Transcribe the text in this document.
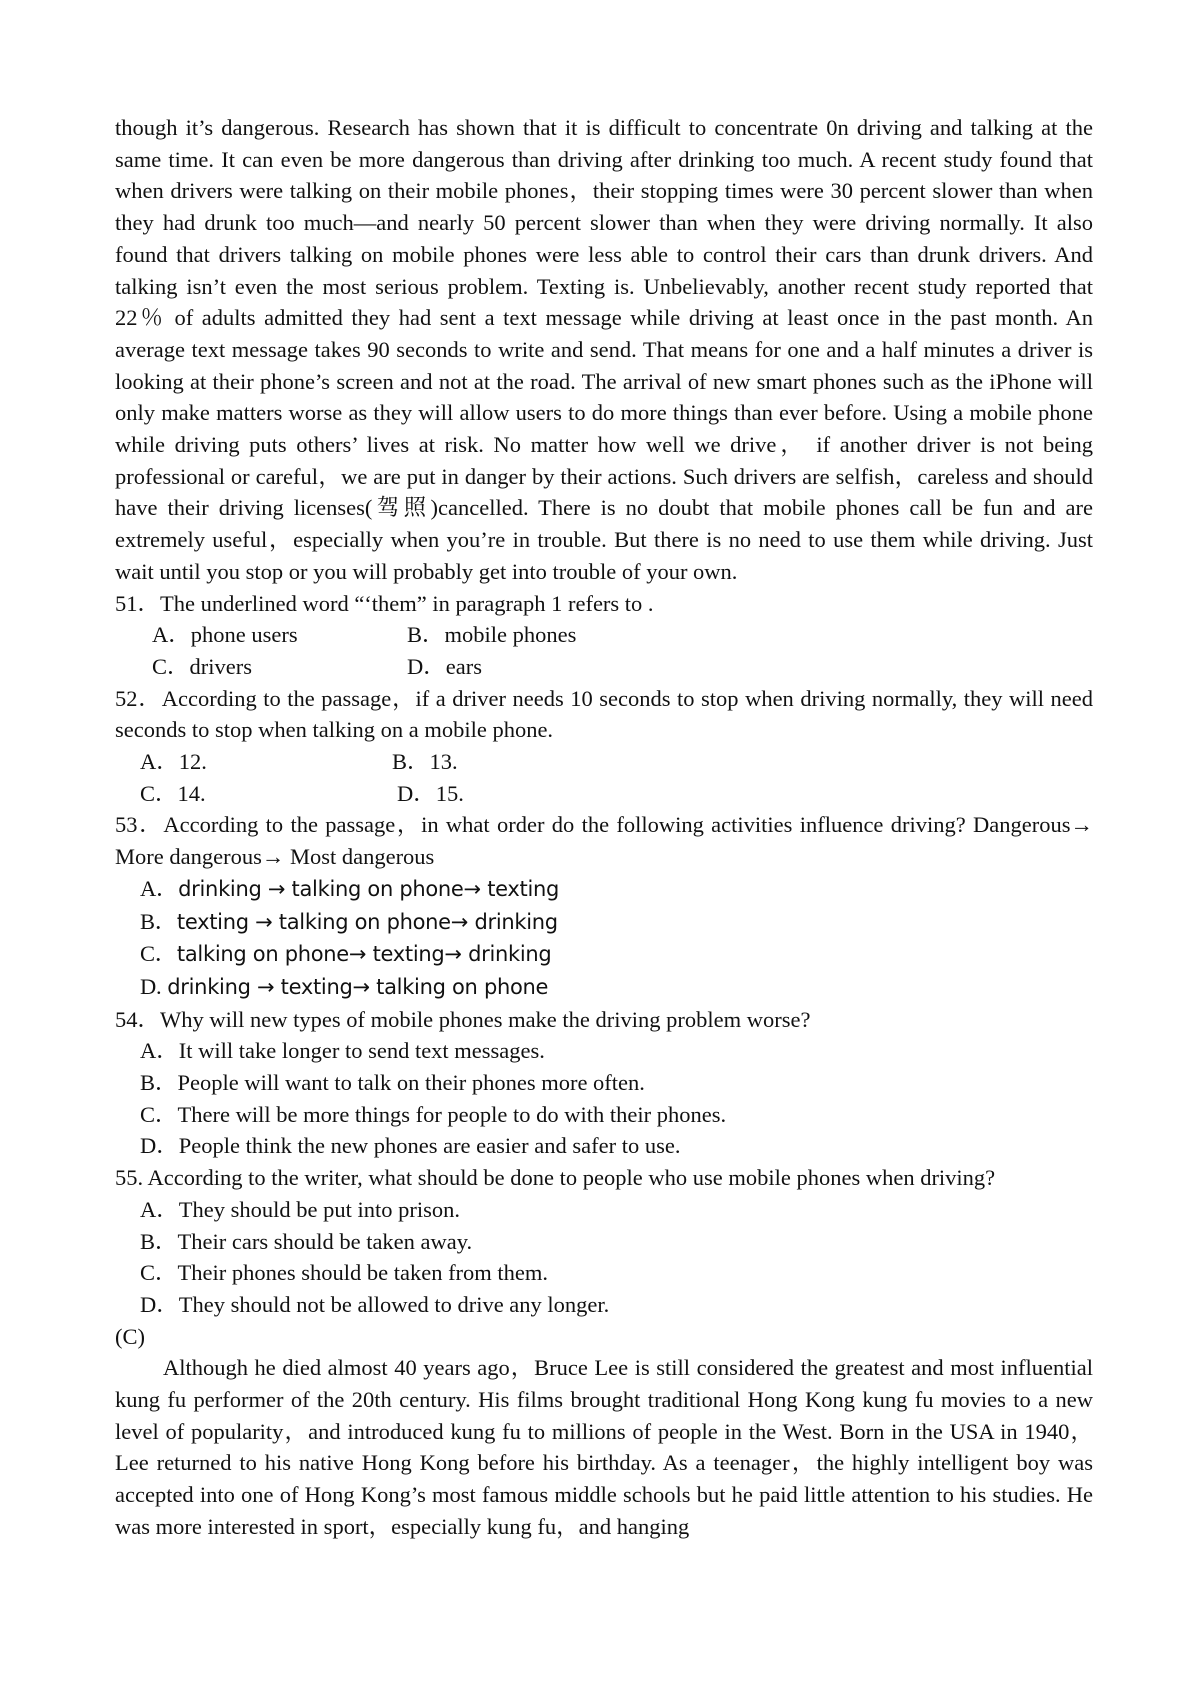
though it’s dangerous. Research has shown that it is difficult to concentrate 0n driving and talking at the same time. It can even be more dangerous than driving after drinking too much. A recent study found that when drivers were talking on their mobile phones，their stopping times were 30 percent slower than when they had drunk too much—and nearly 50 percent slower than when they were driving normally. It also found that drivers talking on mobile phones were less able to control their cars than drunk drivers. And talking isn’t even the most serious problem. Texting is. Unbelievably, another recent study reported that 22％ of adults admitted they had sent a text message while driving at least once in the past month. An average text message takes 90 seconds to write and send. That means for one and a half minutes a driver is looking at their phone’s screen and not at the road. The arrival of new smart phones such as the iPhone will only make matters worse as they will allow users to do more things than ever before. Using a mobile phone while driving puts others’ lives at risk. No matter how well we drive， if another driver is not being professional or careful，we are put in danger by their actions. Such drivers are selfish，careless and should have their driving licenses(驾照)cancelled. There is no doubt that mobile phones call be fun and are extremely useful，especially when you’re in trouble. But there is no need to use them while driving. Just wait until you stop or you will probably get into trouble of your own.

51．The underlined word “‘them” in paragraph 1 refers to .

A．phone users	B．mobile phones
C．drivers	D．ears

52．According to the passage，if a driver needs 10 seconds to stop when driving normally, they will need seconds to stop when talking on a mobile phone.

A．12.	B．13.
C．14.	D．15.

53．According to the passage，in what order do the following activities influence driving? Dangerous→ More dangerous→ Most dangerous

A．drinking → talking on phone→ texting

B．texting → talking on phone→ drinking

C．talking on phone→ texting→ drinking

D. drinking → texting→ talking on phone

54．Why will new types of mobile phones make the driving problem worse?

A．It will take longer to send text messages.

B．People will want to talk on their phones more often.

C．There will be more things for people to do with their phones.

D．People think the new phones are easier and safer to use.

55. According to the writer, what should be done to people who use mobile phones when driving?

A．They should be put into prison.

B．Their cars should be taken away.

C．Their phones should be taken from them.

D．They should not be allowed to drive any longer.

(C)

Although he died almost 40 years ago，Bruce Lee is still considered the greatest and most influential kung fu performer of the 20th century. His films brought traditional Hong Kong kung fu movies to a new level of popularity，and introduced kung fu to millions of people in the West. Born in the USA in 1940，Lee returned to his native Hong Kong before his birthday. As a teenager，the highly intelligent boy was accepted into one of Hong Kong’s most famous middle schools but he paid little attention to his studies. He was more interested in sport，especially kung fu，and hanging
